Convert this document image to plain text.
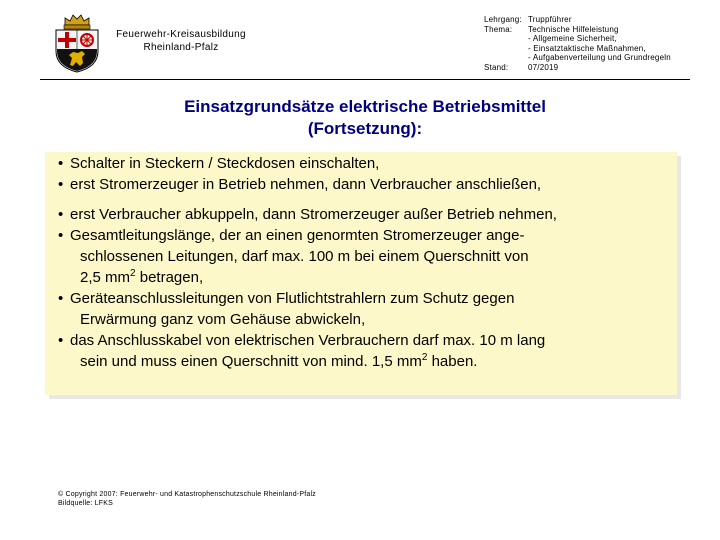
Feuerwehr-Kreisausbildung
Rheinland-Pfalz
Lehrgang: Truppführer
Thema:	Technische Hilfeleistung
- Allgemeine Sicherheit,
- Einsatztaktische Maßnahmen,
- Aufgabenverteilung und Grundregeln
Stand:	07/2019
Einsatzgrundsätze elektrische Betriebsmittel
(Fortsetzung):
• Schalter in Steckern / Steckdosen einschalten,
• erst Stromerzeuger in Betrieb nehmen, dann Verbraucher anschließen,
• erst Verbraucher abkuppeln, dann Stromerzeuger außer Betrieb nehmen,
• Gesamtleitungslänge, der an einen genormten Stromerzeuger ange-
schlossenen Leitungen, darf max. 100 m bei einem Querschnitt von
2,5 $mm^2$ betragen,
• Geräteanschlussleitungen von Flutlichtstrahlern zum Schutz gegen
Erwärmung ganz vom Gehäuse abwickeln,
• das Anschlusskabel von elektrischen Verbrauchern darf max. 10 m lang
sein und muss einen Querschnitt von mind. 1,5 $mm^2$ haben.
© Copyright 2007: Feuerwehr- und Katastrophenschutzschule Rheinland-Pfalz
Bildquelle: LFKS
